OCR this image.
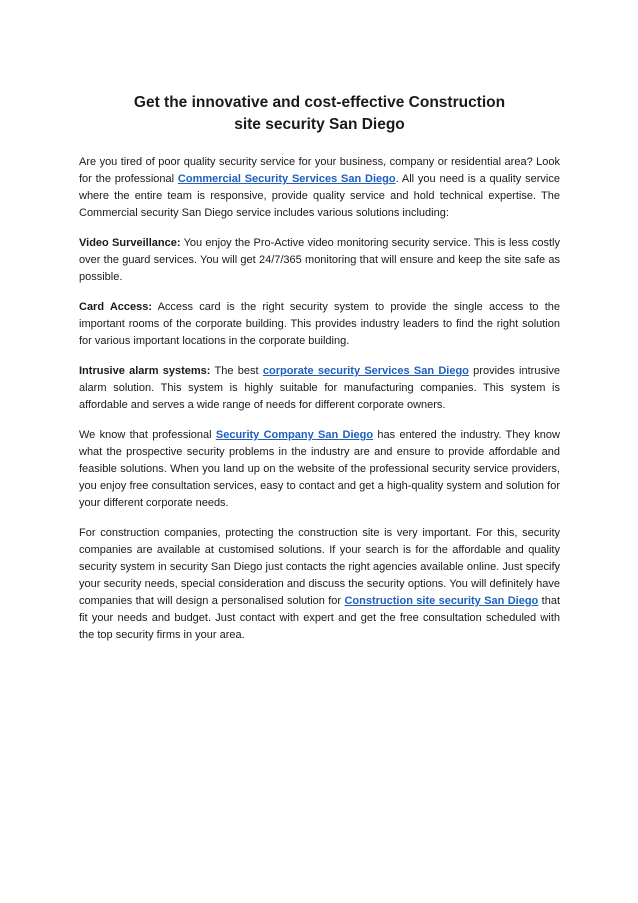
Get the innovative and cost-effective Construction
site security San Diego

Are you tired of poor quality security service for your business, company or residential area? Look for the professional Commercial Security Services San Diego. All you need is a quality service where the entire team is responsive, provide quality service and hold technical expertise. The Commercial security San Diego service includes various solutions including:

Video Surveillance: You enjoy the Pro-Active video monitoring security service. This is less costly over the guard services. You will get 24/7/365 monitoring that will ensure and keep the site safe as possible.

Card Access: Access card is the right security system to provide the single access to the important rooms of the corporate building. This provides industry leaders to find the right solution for various important locations in the corporate building.

Intrusive alarm systems: The best corporate security Services San Diego provides intrusive alarm solution. This system is highly suitable for manufacturing companies. This system is affordable and serves a wide range of needs for different corporate owners.

We know that professional Security Company San Diego has entered the industry. They know what the prospective security problems in the industry are and ensure to provide affordable and feasible solutions. When you land up on the website of the professional security service providers, you enjoy free consultation services, easy to contact and get a high-quality system and solution for your different corporate needs.

For construction companies, protecting the construction site is very important. For this, security companies are available at customised solutions. If your search is for the affordable and quality security system in security San Diego just contacts the right agencies available online. Just specify your security needs, special consideration and discuss the security options. You will definitely have companies that will design a personalised solution for Construction site security San Diego that fit your needs and budget. Just contact with expert and get the free consultation scheduled with the top security firms in your area.
